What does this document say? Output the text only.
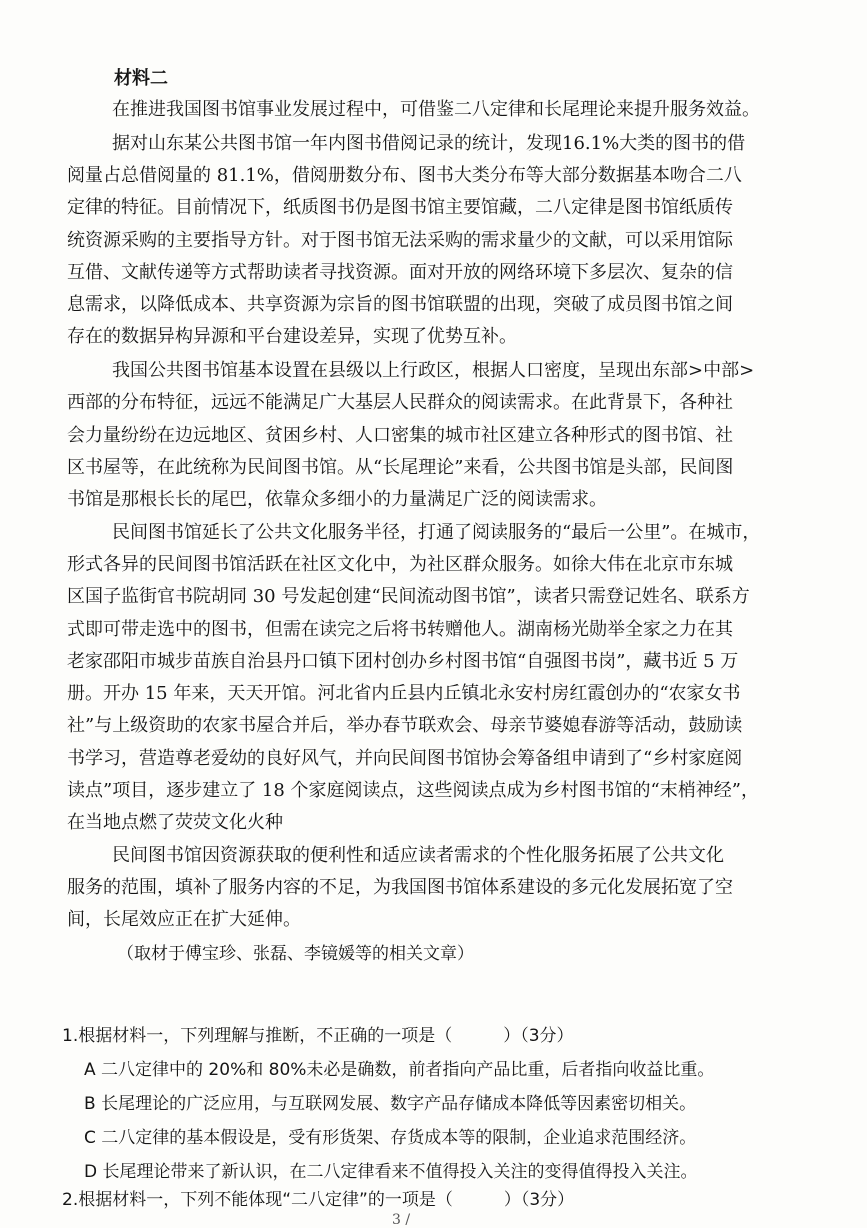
材料二
在推进我国图书馆事业发展过程中，可借鉴二八定律和长尾理论来提升服务效益。
据对山东某公共图书馆一年内图书借阅记录的统计，发现16.1%大类的图书的借
阅量占总借阅量的 81.1%，借阅册数分布、图书大类分布等大部分数据基本吻合二八
定律的特征。目前情况下，纸质图书仍是图书馆主要馆藏，二八定律是图书馆纸质传
统资源采购的主要指导方针。对于图书馆无法采购的需求量少的文献，可以采用馆际
互借、文献传递等方式帮助读者寻找资源。面对开放的网络环境下多层次、复杂的信
息需求，以降低成本、共享资源为宗旨的图书馆联盟的出现，突破了成员图书馆之间
存在的数据异构异源和平台建设差异，实现了优势互补。
我国公共图书馆基本设置在县级以上行政区，根据人口密度，呈现出东部>中部>
西部的分布特征，远远不能满足广大基层人民群众的阅读需求。在此背景下，各种社
会力量纷纷在边远地区、贫困乡村、人口密集的城市社区建立各种形式的图书馆、社
区书屋等，在此统称为民间图书馆。从“长尾理论”来看，公共图书馆是头部，民间图
书馆是那根长长的尾巴，依靠众多细小的力量满足广泛的阅读需求。
民间图书馆延长了公共文化服务半径，打通了阅读服务的“最后一公里”。在城市，
形式各异的民间图书馆活跃在社区文化中，为社区群众服务。如徐大伟在北京市东城
区国子监街官书院胡同 30 号发起创建“民间流动图书馆”，读者只需登记姓名、联系方
式即可带走选中的图书，但需在读完之后将书转赠他人。湖南杨光勋举全家之力在其
老家邵阳市城步苗族自治县丹口镇下团村创办乡村图书馆“自强图书岗”，藏书近 5 万
册。开办 15 年来，天天开馆。河北省内丘县内丘镇北永安村房红霞创办的“农家女书
社”与上级资助的农家书屋合并后，举办春节联欢会、母亲节婆媳春游等活动，鼓励读
书学习，营造尊老爱幼的良好风气，并向民间图书馆协会筹备组申请到了“乡村家庭阅
读点”项目，逐步建立了 18 个家庭阅读点，这些阅读点成为乡村图书馆的“末梢神经”，
在当地点燃了荧荧文化火种
民间图书馆因资源获取的便利性和适应读者需求的个性化服务拓展了公共文化
服务的范围，填补了服务内容的不足，为我国图书馆体系建设的多元化发展拓宽了空
间，长尾效应正在扩大延伸。
（取材于傅宝珍、张磊、李镜媛等的相关文章）
1.根据材料一，下列理解与推断，不正确的一项是（　　　）（3分）
A 二八定律中的 20%和 80%未必是确数，前者指向产品比重，后者指向收益比重。
B 长尾理论的广泛应用，与互联网发展、数字产品存储成本降低等因素密切相关。
C 二八定律的基本假设是，受有形货架、存货成本等的限制，企业追求范围经济。
D 长尾理论带来了新认识，在二八定律看来不值得投入关注的变得值得投入关注。
2.根据材料一，下列不能体现“二八定律”的一项是（　　　）（3分）
3 /
